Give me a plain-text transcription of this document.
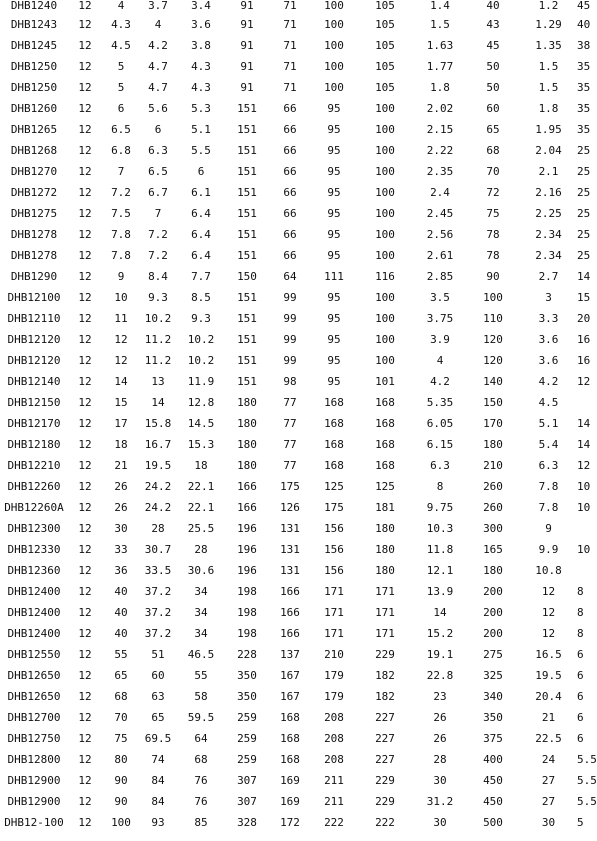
DHB1240	12	4	3.7	3.4	91	71	100	105	1.4	40	1.2	45
DHB1243	12	4.3	4	3.6	91	71	100	105	1.5	43	1.29	40
DHB1245	12	4.5	4.2	3.8	91	71	100	105	1.63	45	1.35	38
DHB1250	12	5	4.7	4.3	91	71	100	105	1.77	50	1.5	35
DHB1250	12	5	4.7	4.3	91	71	100	105	1.8	50	1.5	35
DHB1260	12	6	5.6	5.3	151	66	95	100	2.02	60	1.8	35
DHB1265	12	6.5	6	5.1	151	66	95	100	2.15	65	1.95	35
DHB1268	12	6.8	6.3	5.5	151	66	95	100	2.22	68	2.04	25
DHB1270	12	7	6.5	6	151	66	95	100	2.35	70	2.1	25
DHB1272	12	7.2	6.7	6.1	151	66	95	100	2.4	72	2.16	25
DHB1275	12	7.5	7	6.4	151	66	95	100	2.45	75	2.25	25
DHB1278	12	7.8	7.2	6.4	151	66	95	100	2.56	78	2.34	25
DHB1278	12	7.8	7.2	6.4	151	66	95	100	2.61	78	2.34	25
DHB1290	12	9	8.4	7.7	150	64	111	116	2.85	90	2.7	14
DHB12100	12	10	9.3	8.5	151	99	95	100	3.5	100	3	15
DHB12110	12	11	10.2	9.3	151	99	95	100	3.75	110	3.3	20
DHB12120	12	12	11.2	10.2	151	99	95	100	3.9	120	3.6	16
DHB12120	12	12	11.2	10.2	151	99	95	100	4	120	3.6	16
DHB12140	12	14	13	11.9	151	98	95	101	4.2	140	4.2	12
DHB12150	12	15	14	12.8	180	77	168	168	5.35	150	4.5	
DHB12170	12	17	15.8	14.5	180	77	168	168	6.05	170	5.1	14
DHB12180	12	18	16.7	15.3	180	77	168	168	6.15	180	5.4	14
DHB12210	12	21	19.5	18	180	77	168	168	6.3	210	6.3	12
DHB12260	12	26	24.2	22.1	166	175	125	125	8	260	7.8	10
DHB12260A	12	26	24.2	22.1	166	126	175	181	9.75	260	7.8	10
DHB12300	12	30	28	25.5	196	131	156	180	10.3	300	9	
DHB12330	12	33	30.7	28	196	131	156	180	11.8	165	9.9	10
DHB12360	12	36	33.5	30.6	196	131	156	180	12.1	180	10.8	
DHB12400	12	40	37.2	34	198	166	171	171	13.9	200	12	8
DHB12400	12	40	37.2	34	198	166	171	171	14	200	12	8
DHB12400	12	40	37.2	34	198	166	171	171	15.2	200	12	8
DHB12550	12	55	51	46.5	228	137	210	229	19.1	275	16.5	6
DHB12650	12	65	60	55	350	167	179	182	22.8	325	19.5	6
DHB12650	12	68	63	58	350	167	179	182	23	340	20.4	6
DHB12700	12	70	65	59.5	259	168	208	227	26	350	21	6
DHB12750	12	75	69.5	64	259	168	208	227	26	375	22.5	6
DHB12800	12	80	74	68	259	168	208	227	28	400	24	5.5
DHB12900	12	90	84	76	307	169	211	229	30	450	27	5.5
DHB12900	12	90	84	76	307	169	211	229	31.2	450	27	5.5
DHB12-100	12	100	93	85	328	172	222	222	30	500	30	5
